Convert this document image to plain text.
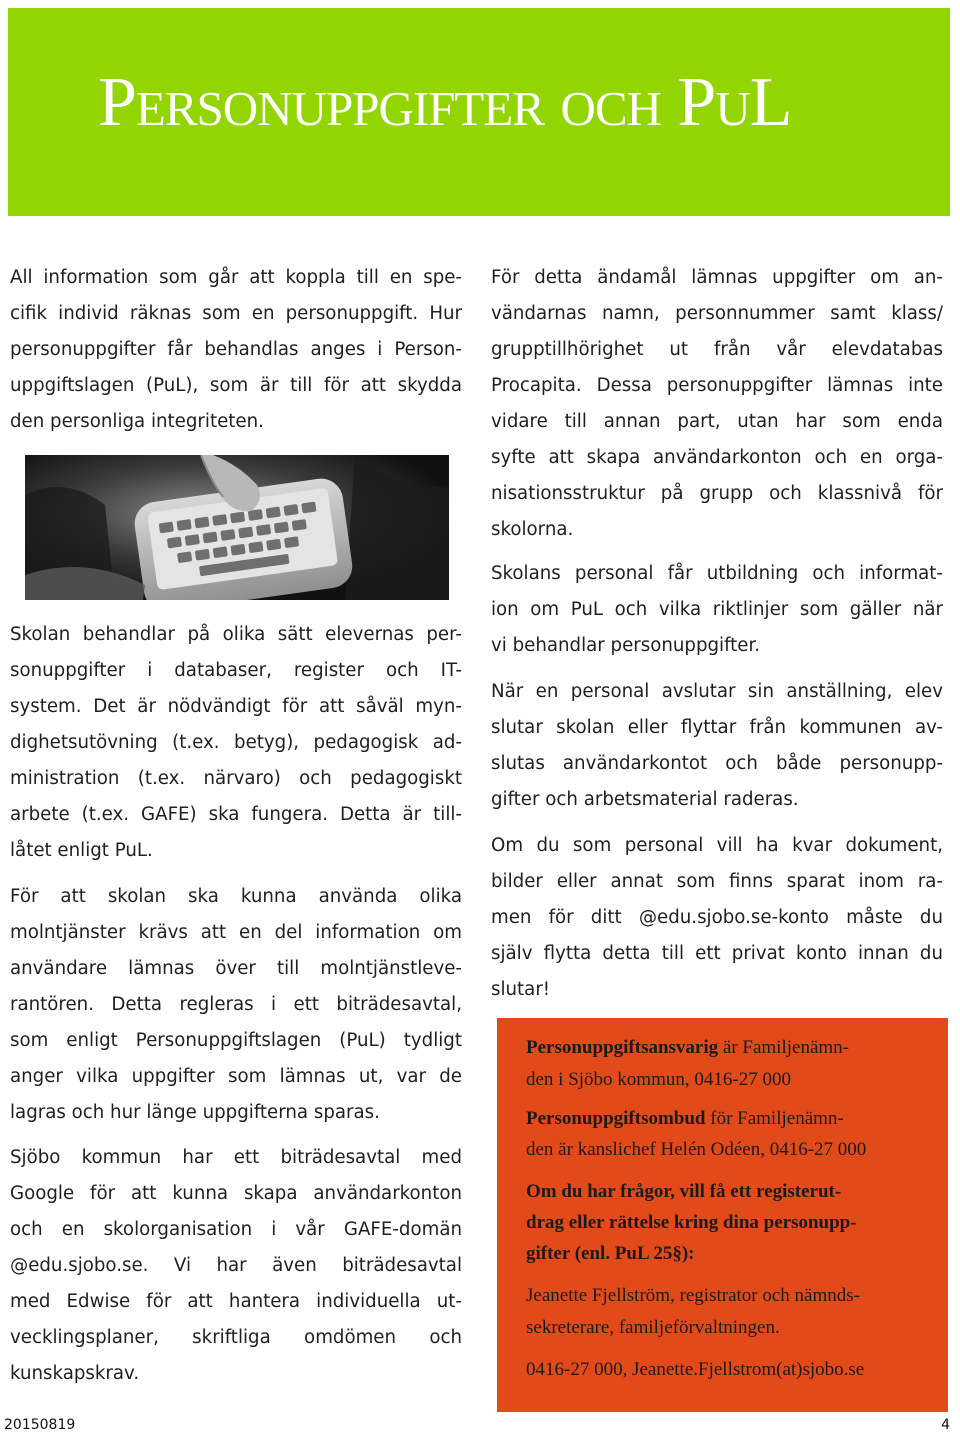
Personuppgifter och PuL
All information som går att koppla till en spe-
cifik individ räknas som en personuppgift. Hur
personuppgifter får behandlas anges i Person-
uppgiftslagen (PuL), som är till för att skydda
den personliga integriteten.
Skolan behandlar på olika sätt elevernas per-
sonuppgifter i databaser, register och IT-
system. Det är nödvändigt för att såväl myn-
dighetsutövning (t.ex. betyg), pedagogisk ad-
ministration (t.ex. närvaro) och pedagogiskt
arbete (t.ex. GAFE) ska fungera. Detta är till-
låtet enligt PuL.
För att skolan ska kunna använda olika
molntjänster krävs att en del information om
användare lämnas över till molntjänstleve-
rantören. Detta regleras i ett biträdesavtal,
som enligt Personuppgiftslagen (PuL) tydligt
anger vilka uppgifter som lämnas ut, var de
lagras och hur länge uppgifterna sparas.
Sjöbo kommun har ett biträdesavtal med
Google för att kunna skapa användarkonton
och en skolorganisation i vår GAFE-domän
@edu.sjobo.se. Vi har även biträdesavtal
med Edwise för att hantera individuella ut-
vecklingsplaner, skriftliga omdömen och
kunskapskrav.
För detta ändamål lämnas uppgifter om an-
vändarnas namn, personnummer samt klass/
grupptillhörighet ut från vår elevdatabas
Procapita. Dessa personuppgifter lämnas inte
vidare till annan part, utan har som enda
syfte att skapa användarkonton och en orga-
nisationsstruktur på grupp och klassnivå för
skolorna.
Skolans personal får utbildning och informat-
ion om PuL och vilka riktlinjer som gäller när
vi behandlar personuppgifter.
När en personal avslutar sin anställning, elev
slutar skolan eller flyttar från kommunen av-
slutas användarkontot och både personupp-
gifter och arbetsmaterial raderas.
Om du som personal vill ha kvar dokument,
bilder eller annat som finns sparat inom ra-
men för ditt @edu.sjobo.se-konto måste du
själv flytta detta till ett privat konto innan du
slutar!
Personuppgiftsansvarig är Familjenämn-
den i Sjöbo kommun, 0416-27 000
Personuppgiftsombud för Familjenämn-
den är kanslichef Helén Odéen, 0416-27 000
Om du har frågor, vill få ett registerut-
drag eller rättelse kring dina personupp-
gifter (enl. PuL 25§):
Jeanette Fjellström, registrator och nämnds-
sekreterare, familjeförvaltningen.
0416-27 000, Jeanette.Fjellstrom(at)sjobo.se
20150819	4
